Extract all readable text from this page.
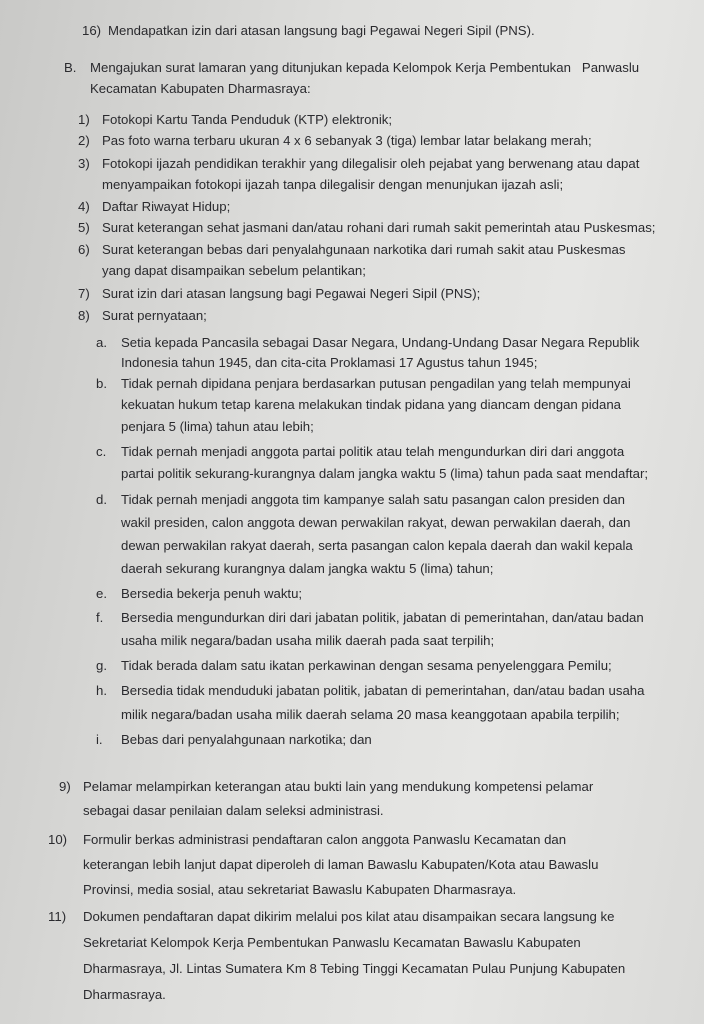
16) Mendapatkan izin dari atasan langsung bagi Pegawai Negeri Sipil (PNS).
B. Mengajukan surat lamaran yang ditunjukan kepada Kelompok Kerja Pembentukan   Panwaslu
Kecamatan Kabupaten Dharmasraya:
1) Fotokopi Kartu Tanda Penduduk (KTP) elektronik;
2) Pas foto warna terbaru ukuran 4 x 6 sebanyak 3 (tiga) lembar latar belakang merah;
3) Fotokopi ijazah pendidikan terakhir yang dilegalisir oleh pejabat yang berwenang atau dapat
menyampaikan fotokopi ijazah tanpa dilegalisir dengan menunjukan ijazah asli;
4) Daftar Riwayat Hidup;
5) Surat keterangan sehat jasmani dan/atau rohani dari rumah sakit pemerintah atau Puskesmas;
6) Surat keterangan bebas dari penyalahgunaan narkotika dari rumah sakit atau Puskesmas
yang dapat disampaikan sebelum pelantikan;
7) Surat izin dari atasan langsung bagi Pegawai Negeri Sipil (PNS);
8) Surat pernyataan;
a. Setia kepada Pancasila sebagai Dasar Negara, Undang-Undang Dasar Negara Republik
Indonesia tahun 1945, dan cita-cita Proklamasi 17 Agustus tahun 1945;
b. Tidak pernah dipidana penjara berdasarkan putusan pengadilan yang telah mempunyai
kekuatan hukum tetap karena melakukan tindak pidana yang diancam dengan pidana
penjara 5 (lima) tahun atau lebih;
c. Tidak pernah menjadi anggota partai politik atau telah mengundurkan diri dari anggota
partai politik sekurang-kurangnya dalam jangka waktu 5 (lima) tahun pada saat mendaftar;
d. Tidak pernah menjadi anggota tim kampanye salah satu pasangan calon presiden dan
wakil presiden, calon anggota dewan perwakilan rakyat, dewan perwakilan daerah, dan
dewan perwakilan rakyat daerah, serta pasangan calon kepala daerah dan wakil kepala
daerah sekurang kurangnya dalam jangka waktu 5 (lima) tahun;
e. Bersedia bekerja penuh waktu;
f. Bersedia mengundurkan diri dari jabatan politik, jabatan di pemerintahan, dan/atau badan
usaha milik negara/badan usaha milik daerah pada saat terpilih;
g. Tidak berada dalam satu ikatan perkawinan dengan sesama penyelenggara Pemilu;
h. Bersedia tidak menduduki jabatan politik, jabatan di pemerintahan, dan/atau badan usaha
milik negara/badan usaha milik daerah selama 20 masa keanggotaan apabila terpilih;
i. Bebas dari penyalahgunaan narkotika; dan
9) Pelamar melampirkan keterangan atau bukti lain yang mendukung kompetensi pelamar
sebagai dasar penilaian dalam seleksi administrasi.
10) Formulir berkas administrasi pendaftaran calon anggota Panwaslu Kecamatan dan
keterangan lebih lanjut dapat diperoleh di laman Bawaslu Kabupaten/Kota atau Bawaslu
Provinsi, media sosial, atau sekretariat Bawaslu Kabupaten Dharmasraya.
11) Dokumen pendaftaran dapat dikirim melalui pos kilat atau disampaikan secara langsung ke
Sekretariat Kelompok Kerja Pembentukan Panwaslu Kecamatan Bawaslu Kabupaten
Dharmasraya, Jl. Lintas Sumatera Km 8 Tebing Tinggi Kecamatan Pulau Punjung Kabupaten
Dharmasraya.
